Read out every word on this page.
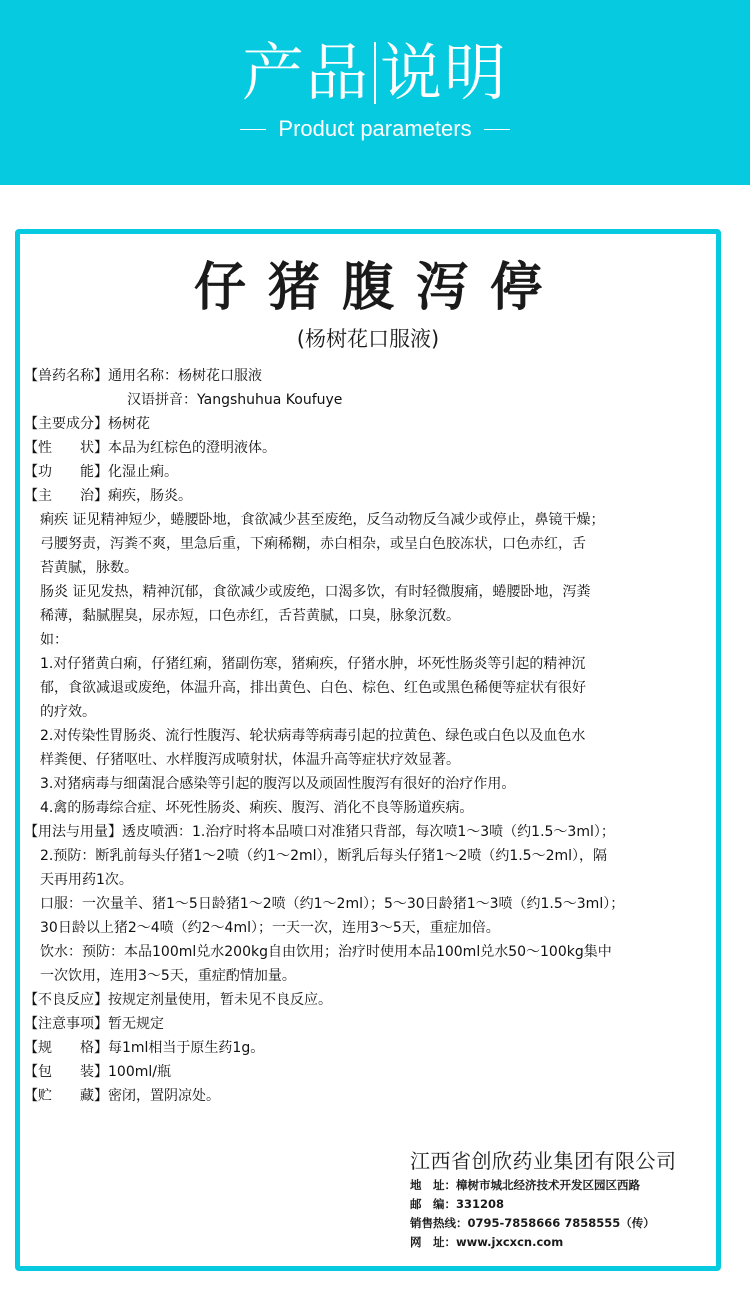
产品 说明
Product parameters
仔猪腹泻停
(杨树花口服液)
【兽药名称】通用名称：杨树花口服液
汉语拼音：Yangshuhua Koufuye
【主要成分】杨树花
【性　　状】本品为红棕色的澄明液体。
【功　　能】化湿止痢。
【主　　治】痢疾，肠炎。
痢疾 证见精神短少，蜷腰卧地，食欲减少甚至废绝，反刍动物反刍减少或停止，鼻镜干燥；
弓腰努责，泻粪不爽，里急后重，下痢稀糊，赤白相杂，或呈白色胶冻状，口色赤红，舌
苔黄腻，脉数。
肠炎 证见发热，精神沉郁，食欲减少或废绝，口渴多饮，有时轻微腹痛，蜷腰卧地，泻粪
稀薄，黏腻腥臭，尿赤短，口色赤红，舌苔黄腻，口臭，脉象沉数。
如：
1.对仔猪黄白痢，仔猪红痢，猪副伤寒，猪痢疾，仔猪水肿，坏死性肠炎等引起的精神沉
郁，食欲减退或废绝，体温升高，排出黄色、白色、棕色、红色或黑色稀便等症状有很好
的疗效。
2.对传染性胃肠炎、流行性腹泻、轮状病毒等病毒引起的拉黄色、绿色或白色以及血色水
样粪便、仔猪呕吐、水样腹泻成喷射状，体温升高等症状疗效显著。
3.对猪病毒与细菌混合感染等引起的腹泻以及顽固性腹泻有很好的治疗作用。
4.禽的肠毒综合症、坏死性肠炎、痢疾、腹泻、消化不良等肠道疾病。
【用法与用量】透皮喷洒：1.治疗时将本品喷口对准猪只背部，每次喷1～3喷（约1.5～3ml）；
2.预防：断乳前每头仔猪1～2喷（约1～2ml），断乳后每头仔猪1～2喷（约1.5～2ml），隔
天再用药1次。
口服：一次量羊、猪1～5日龄猪1～2喷（约1～2ml）；5～30日龄猪1～3喷（约1.5～3ml）；
30日龄以上猪2～4喷（约2～4ml）；一天一次，连用3～5天，重症加倍。
饮水：预防：本品100ml兑水200kg自由饮用；治疗时使用本品100ml兑水50～100kg集中
一次饮用，连用3～5天，重症酌情加量。
【不良反应】按规定剂量使用，暂未见不良反应。
【注意事项】暂无规定
【规　　格】每1ml相当于原生药1g。
【包　　装】100ml/瓶
【贮　　藏】密闭，置阴凉处。
江西省创欣药业集团有限公司
地　址：樟树市城北经济技术开发区园区西路
邮　编：331208
销售热线：0795-7858666 7858555（传）
网　址：www.jxcxcn.com
